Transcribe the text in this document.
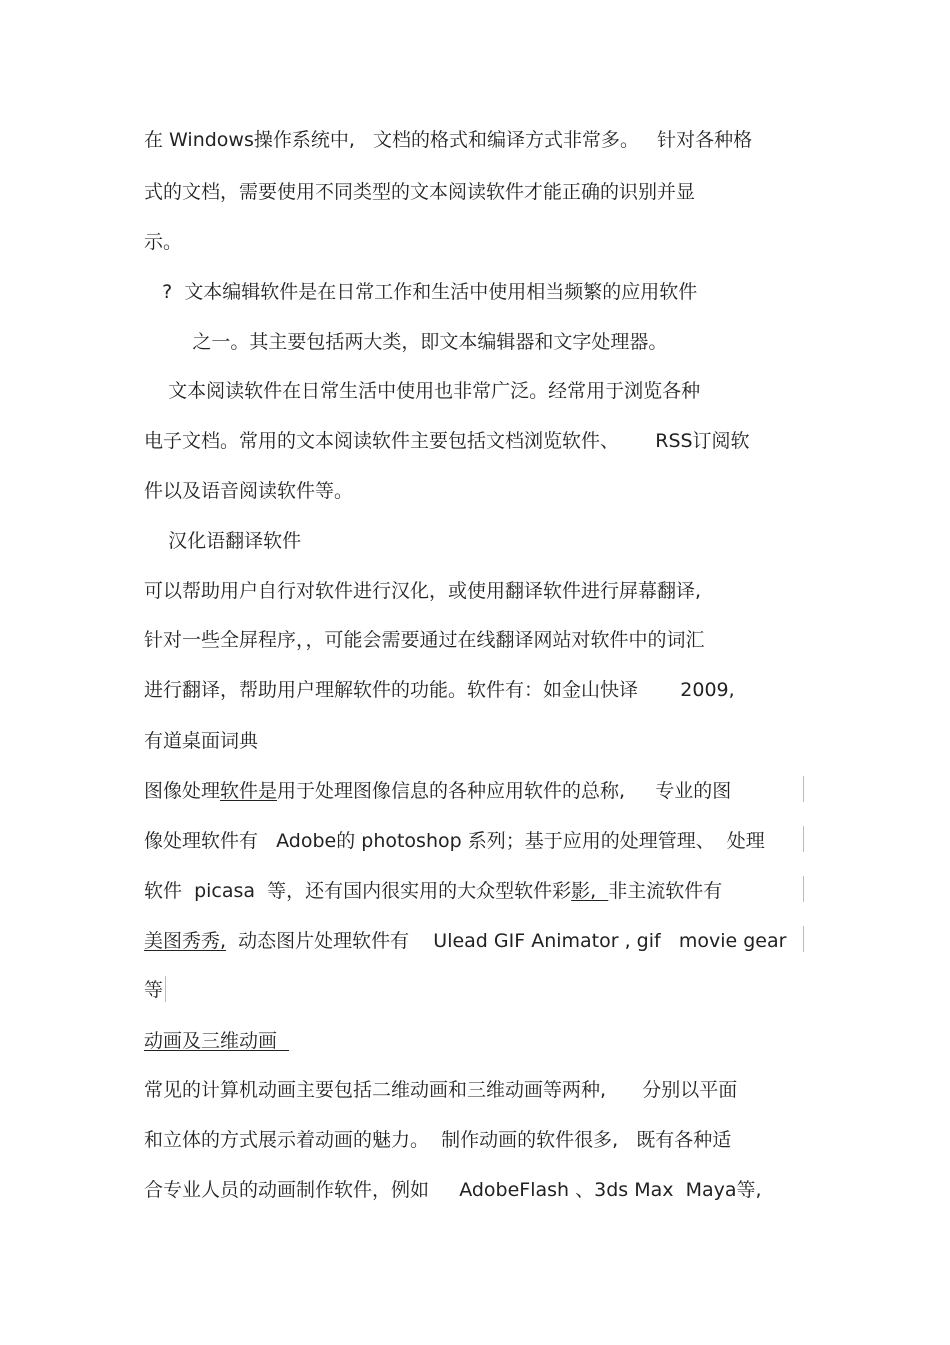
在 Windows操作系统中,   文档的格式和编译方式非常多。   针对各种格

式的文档，需要使用不同类型的文本阅读软件才能正确的识别并显

示。

?  文本编辑软件是在日常工作和生活中使用相当频繁的应用软件

之一。其主要包括两大类，即文本编辑器和文字处理器。

文本阅读软件在日常生活中使用也非常广泛。经常用于浏览各种

电子文档。常用的文本阅读软件主要包括文档浏览软件、      RSS订阅软

件以及语音阅读软件等。

汉化语翻译软件

可以帮助用户自行对软件进行汉化，或使用翻译软件进行屏幕翻译,

针对一些全屏程序，，可能会需要通过在线翻译网站对软件中的词汇

进行翻译，帮助用户理解软件的功能。软件有：如金山快译       2009,

有道桌面词典

图像处理软件是用于处理图像信息的各种应用软件的总称,     专业的图

像处理软件有   Adobe的 photoshop 系列；基于应用的处理管理、  处理

软件  picasa  等，还有国内很实用的大众型软件彩影,  非主流软件有

美图秀秀,  动态图片处理软件有    Ulead GIF Animator , gif   movie gear

等

动画及三维动画

常见的计算机动画主要包括二维动画和三维动画等两种,      分别以平面

和立体的方式展示着动画的魅力。  制作动画的软件很多,   既有各种适

合专业人员的动画制作软件，例如     AdobeFlash 、3ds Max  Maya等,
